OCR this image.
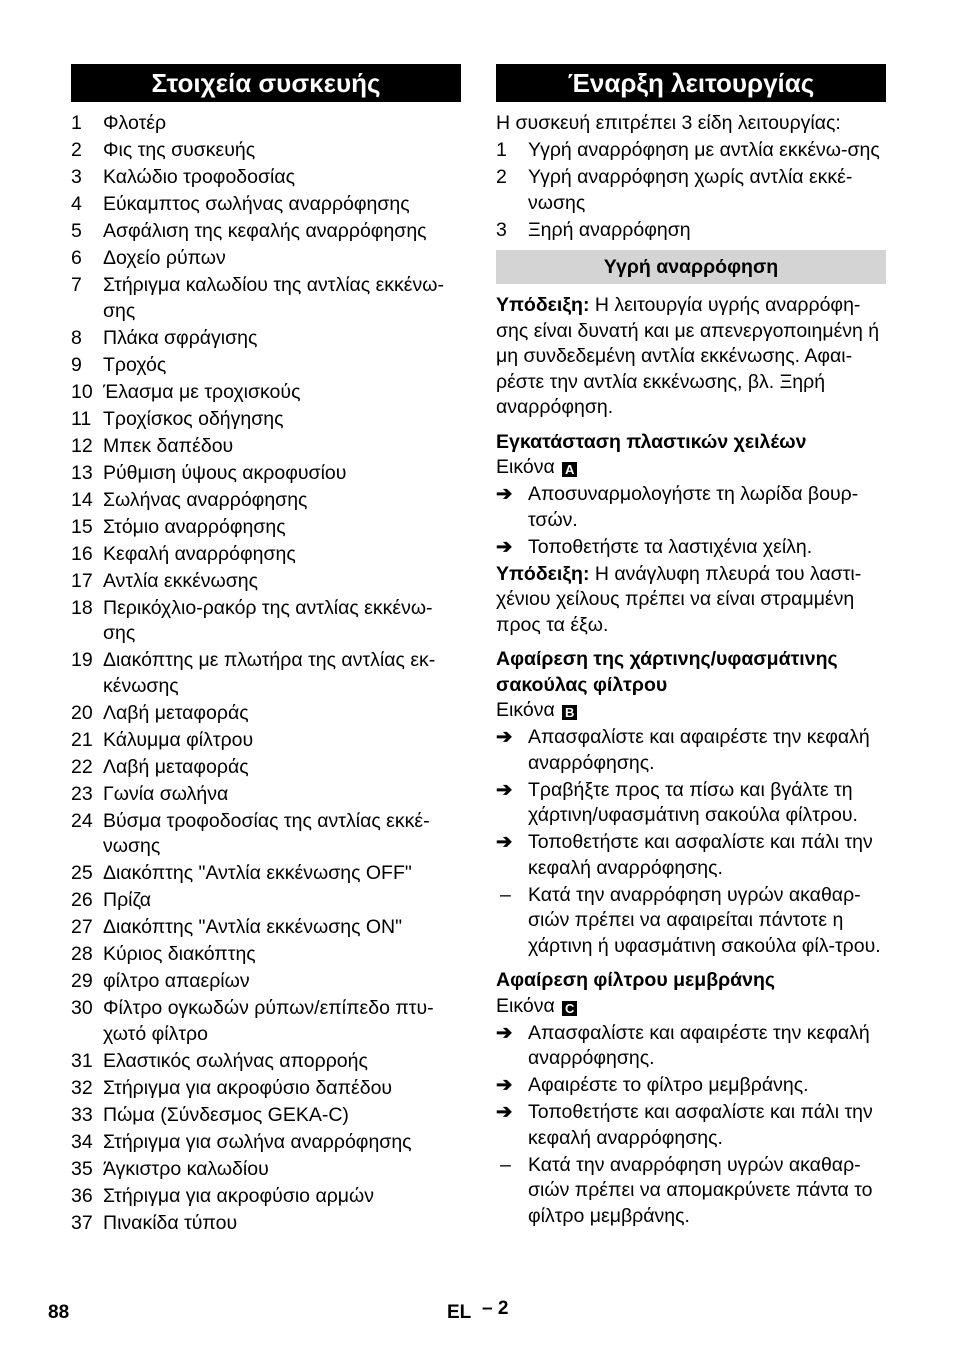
Στοιχεία συσκευής
1	Φλοτέρ
2	Φις της συσκευής
3	Καλώδιο τροφοδοσίας
4	Εύκαμπτος σωλήνας αναρρόφησης
5	Ασφάλιση της κεφαλής αναρρόφησης
6	Δοχείο ρύπων
7	Στήριγμα καλωδίου της αντλίας εκκένω-σης
8	Πλάκα σφράγισης
9	Τροχός
10 Έλασμα με τροχισκούς
11 Τροχίσκος οδήγησης
12 Μπεκ δαπέδου
13 Ρύθμιση ύψους ακροφυσίου
14 Σωλήνας αναρρόφησης
15 Στόμιο αναρρόφησης
16 Κεφαλή αναρρόφησης
17 Αντλία εκκένωσης
18 Περικόχλιο-ρακόρ της αντλίας εκκένω-σης
19 Διακόπτης με πλωτήρα της αντλίας εκ-κένωσης
20 Λαβή μεταφοράς
21 Κάλυμμα φίλτρου
22 Λαβή μεταφοράς
23 Γωνία σωλήνα
24 Βύσμα τροφοδοσίας της αντλίας εκκέ-νωσης
25 Διακόπτης "Αντλία εκκένωσης OFF"
26 Πρίζα
27 Διακόπτης "Αντλία εκκένωσης ON"
28 Κύριος διακόπτης
29 φίλτρο απαερίων
30 Φίλτρο ογκωδών ρύπων/επίπεδο πτυ-χωτό φίλτρο
31 Ελαστικός σωλήνας απορροής
32 Στήριγμα για ακροφύσιο δαπέδου
33 Πώμα (Σύνδεσμος GEKA-C)
34 Στήριγμα για σωλήνα αναρρόφησης
35 Άγκιστρο καλωδίου
36 Στήριγμα για ακροφύσιο αρμών
37 Πινακίδα τύπου
Έναρξη λειτουργίας
Η συσκευή επιτρέπει 3 είδη λειτουργίας:
1	Υγρή αναρρόφηση με αντλία εκκένω-σης
2	Υγρή αναρρόφηση χωρίς αντλία εκκέ-νωσης
3	Ξηρή αναρρόφηση
Υγρή αναρρόφηση
Υπόδειξη: Η λειτουργία υγρής αναρρόφη-σης είναι δυνατή και με απενεργοποιημένη ή μη συνδεδεμένη αντλία εκκένωσης. Αφαι-ρέστε την αντλία εκκένωσης, βλ. Ξηρή αναρρόφηση.
Εγκατάσταση πλαστικών χειλέων
Εικόνα A
➔ Αποσυναρμολογήστε τη λωρίδα βουρ-τσών.
➔ Τοποθετήστε τα λαστιχένια χείλη.
Υπόδειξη: Η ανάγλυφη πλευρά του λαστι-χένιου χείλους πρέπει να είναι στραμμένη προς τα έξω.
Αφαίρεση της χάρτινης/υφασμάτινης σακούλας φίλτρου
Εικόνα B
➔ Απασφαλίστε και αφαιρέστε την κεφαλή αναρρόφησης.
➔ Τραβήξτε προς τα πίσω και βγάλτε τη χάρτινη/υφασμάτινη σακούλα φίλτρου.
➔ Τοποθετήστε και ασφαλίστε και πάλι την κεφαλή αναρρόφησης.
– Κατά την αναρρόφηση υγρών ακαθαρ-σιών πρέπει να αφαιρείται πάντοτε η χάρτινη ή υφασμάτινη σακούλα φίλ-τρου.
Αφαίρεση φίλτρου μεμβράνης
Εικόνα C
➔ Απασφαλίστε και αφαιρέστε την κεφαλή αναρρόφησης.
➔ Αφαιρέστε το φίλτρο μεμβράνης.
➔ Τοποθετήστε και ασφαλίστε και πάλι την κεφαλή αναρρόφησης.
– Κατά την αναρρόφηση υγρών ακαθαρ-σιών πρέπει να απομακρύνετε πάντα το φίλτρο μεμβράνης.
88	EL – 2
